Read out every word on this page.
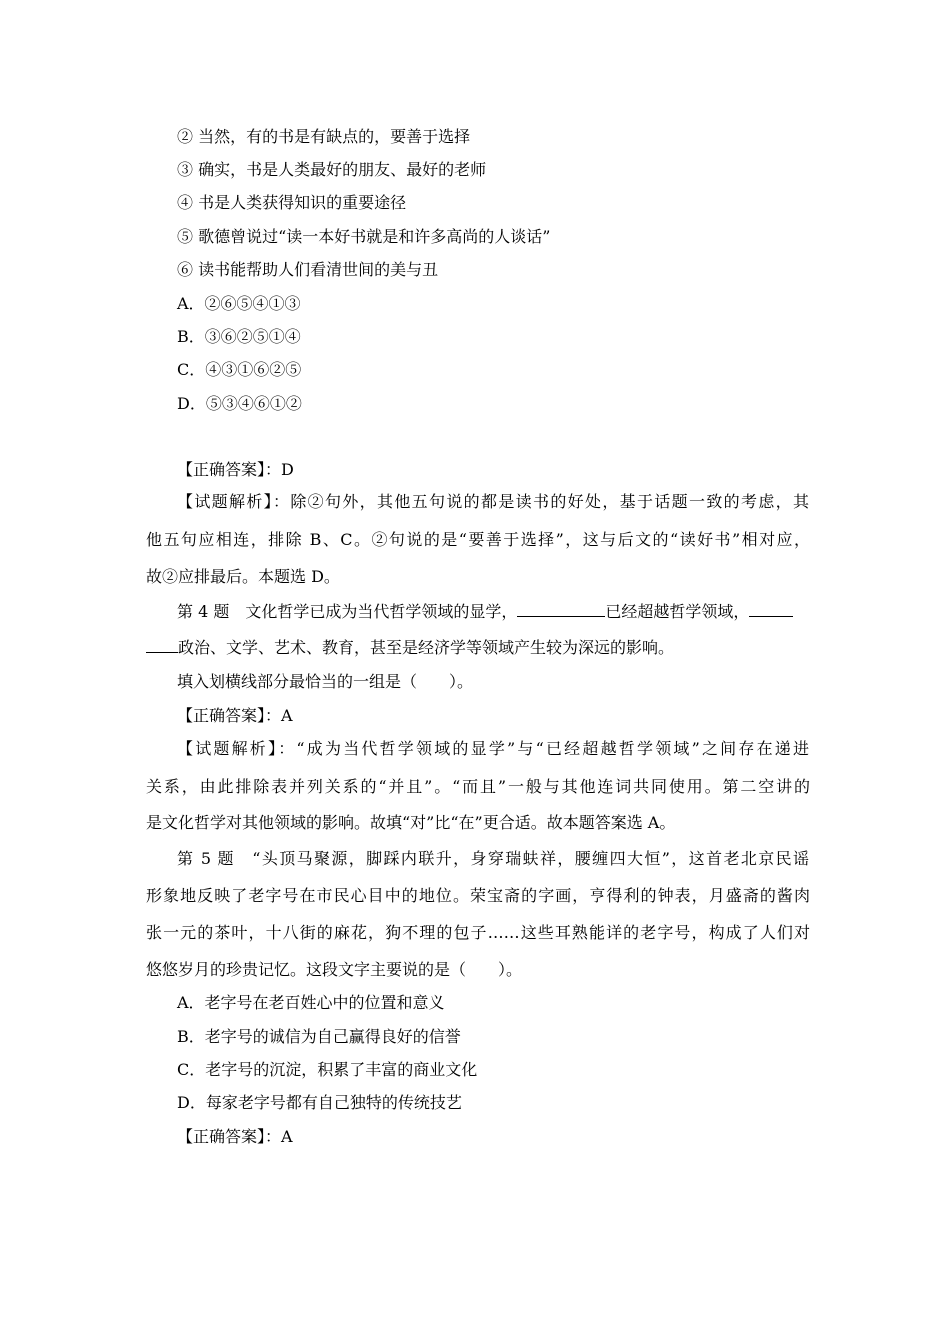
② 当然，有的书是有缺点的，要善于选择
③ 确实，书是人类最好的朋友、最好的老师
④ 书是人类获得知识的重要途径
⑤ 歌德曾说过“读一本好书就是和许多高尚的人谈话”
⑥ 读书能帮助人们看清世间的美与丑
A．②⑥⑤④①③
B．③⑥②⑤①④
C．④③①⑥②⑤
D．⑤③④⑥①②
【正确答案】：D
【试题解析】：除②句外，其他五句说的都是读书的好处，基于话题一致的考虑，其
他五句应相连，排除 B、C。②句说的是“要善于选择”，这与后文的“读好书”相对应，
故②应排最后。本题选 D。
第 4 题　文化哲学已成为当代哲学领域的显学，	已经超越哲学领域，
政治、文学、艺术、教育，甚至是经济学等领域产生较为深远的影响。
填入划横线部分最恰当的一组是（　　）。
【正确答案】：A
【试题解析】：“成为当代哲学领域的显学”与“已经超越哲学领域”之间存在递进
关系，由此排除表并列关系的“并且”。“而且”一般与其他连词共同使用。第二空讲的
是文化哲学对其他领域的影响。故填“对”比“在”更合适。故本题答案选 A。
第 5 题　“头顶马聚源，脚踩内联升，身穿瑞蚨祥，腰缠四大恒”，这首老北京民谣
形象地反映了老字号在市民心目中的地位。荣宝斋的字画，亨得利的钟表，月盛斋的酱肉
张一元的茶叶，十八街的麻花，狗不理的包子……这些耳熟能详的老字号，构成了人们对
悠悠岁月的珍贵记忆。这段文字主要说的是（　　）。
A．老字号在老百姓心中的位置和意义
B．老字号的诚信为自己赢得良好的信誉
C．老字号的沉淀，积累了丰富的商业文化
D．每家老字号都有自己独特的传统技艺
【正确答案】：A
